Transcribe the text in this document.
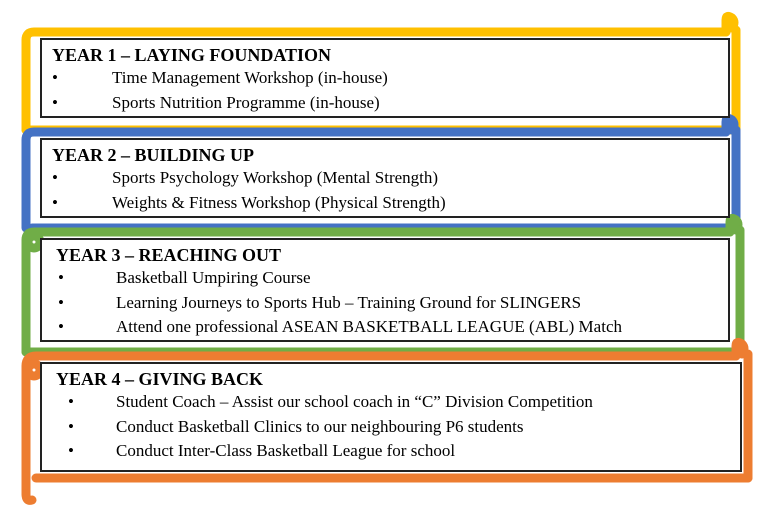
YEAR 1 – LAYING FOUNDATION
•	Time Management Workshop (in-house)
•	Sports Nutrition Programme (in-house)
YEAR 2 – BUILDING UP
•	Sports Psychology Workshop (Mental Strength)
•	Weights & Fitness Workshop (Physical Strength)
YEAR 3 – REACHING OUT
•	Basketball Umpiring Course
•	Learning Journeys to Sports Hub – Training Ground for SLINGERS
•	Attend one professional ASEAN BASKETBALL LEAGUE (ABL) Match
YEAR 4 – GIVING BACK
• Student Coach – Assist our school coach in “C” Division Competition
• Conduct Basketball Clinics to our neighbouring P6 students
• Conduct Inter-Class Basketball League for school
